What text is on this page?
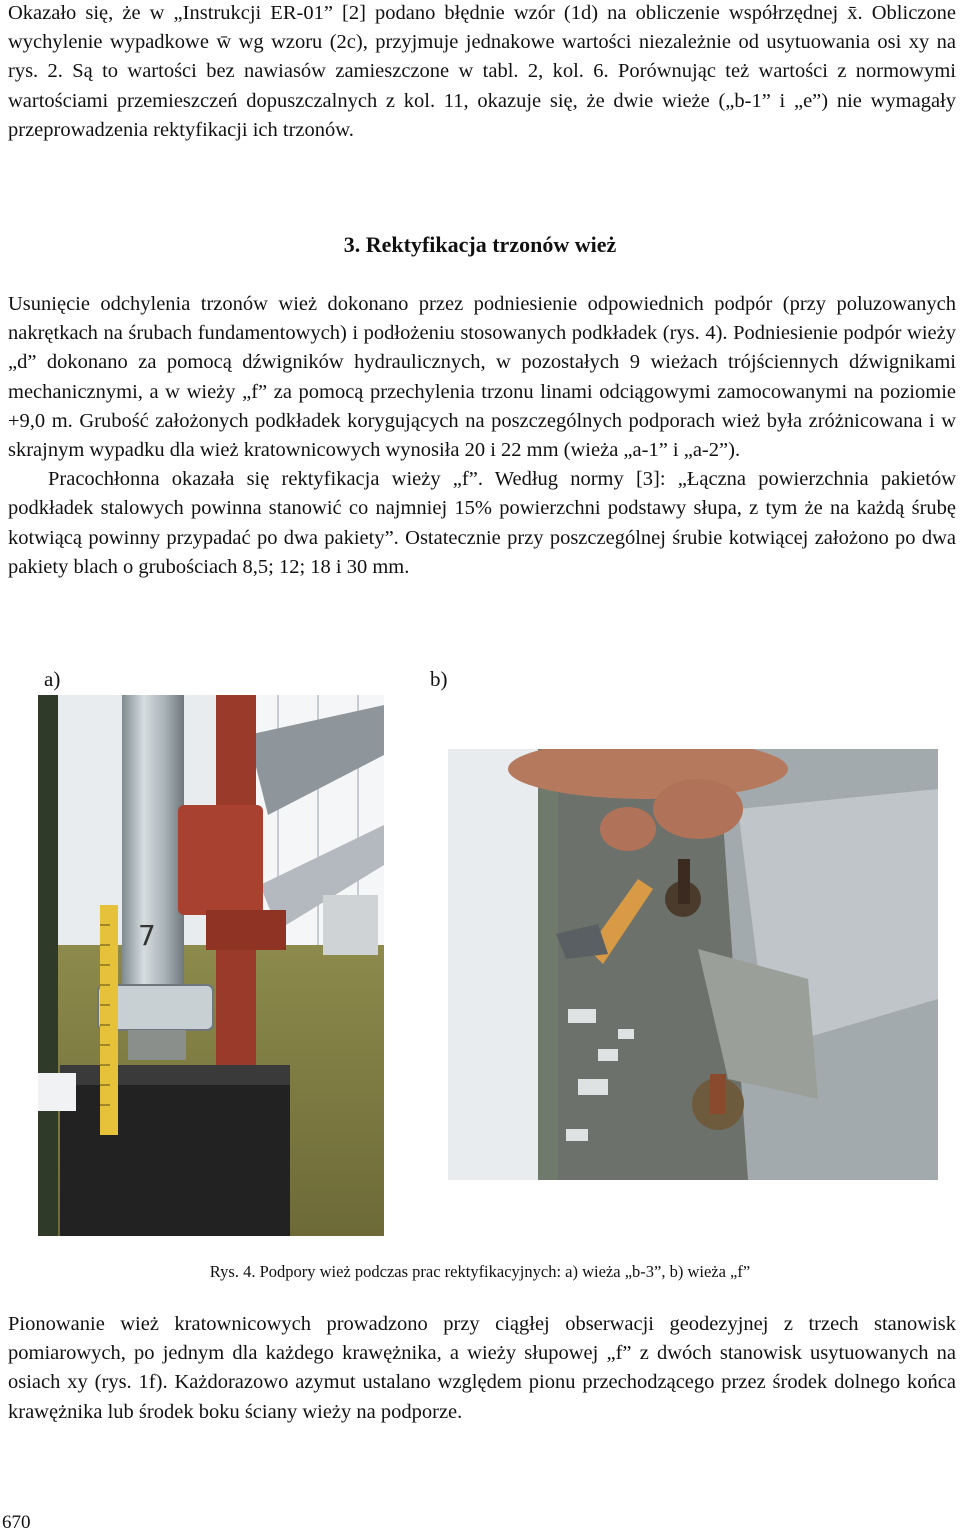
Okazało się, że w „Instrukcji ER-01” [2] podano błędnie wzór (1d) na obliczenie współrzędnej x̄. Obliczone wychylenie wypadkowe w̄ wg wzoru (2c), przyjmuje jednakowe wartości niezależnie od usytuowania osi xy na rys. 2. Są to wartości bez nawiasów zamieszczone w tabl. 2, kol. 6. Porównując też wartości z normowymi wartościami przemieszczeń dopuszczalnych z kol. 11, okazuje się, że dwie wieże („b-1” i „e”) nie wymagały przeprowadzenia rektyfikacji ich trzonów.

3. Rektyfikacja trzonów wież

Usunięcie odchylenia trzonów wież dokonano przez podniesienie odpowiednich podpór (przy poluzowanych nakrętkach na śrubach fundamentowych) i podłożeniu stosowanych podkładek (rys. 4). Podniesienie podpór wieży „d” dokonano za pomocą dźwigników hydraulicznych, w pozostałych 9 wieżach trójściennych dźwignikami mechanicznymi, a w wieży „f” za pomocą przechylenia trzonu linami odciągowymi zamocowanymi na poziomie +9,0 m. Grubość założonych podkładek korygujących na poszczególnych podporach wież była zróżnicowana i w skrajnym wypadku dla wież kratownicowych wynosiła 20 i 22 mm (wieża „a-1” i „a-2”).

Pracochłonna okazała się rektyfikacja wieży „f”. Według normy [3]: „Łączna powierzchnia pakietów podkładek stalowych powinna stanowić co najmniej 15% powierzchni podstawy słupa, z tym że na każdą śrubę kotwiącą powinny przypadać po dwa pakiety”. Ostatecznie przy poszczególnej śrubie kotwiącej założono po dwa pakiety blach o grubościach 8,5; 12; 18 i 30 mm.

a)	b)
7

Rys. 4. Podpory wież podczas prac rektyfikacyjnych: a) wieża „b-3”, b) wieża „f”

Pionowanie wież kratownicowych prowadzono przy ciągłej obserwacji geodezyjnej z trzech stanowisk pomiarowych, po jednym dla każdego krawężnika, a wieży słupowej „f” z dwóch stanowisk usytuowanych na osiach xy (rys. 1f). Każdorazowo azymut ustalano względem pionu przechodzącego przez środek dolnego końca krawężnika lub środek boku ściany wieży na podporze.

670
